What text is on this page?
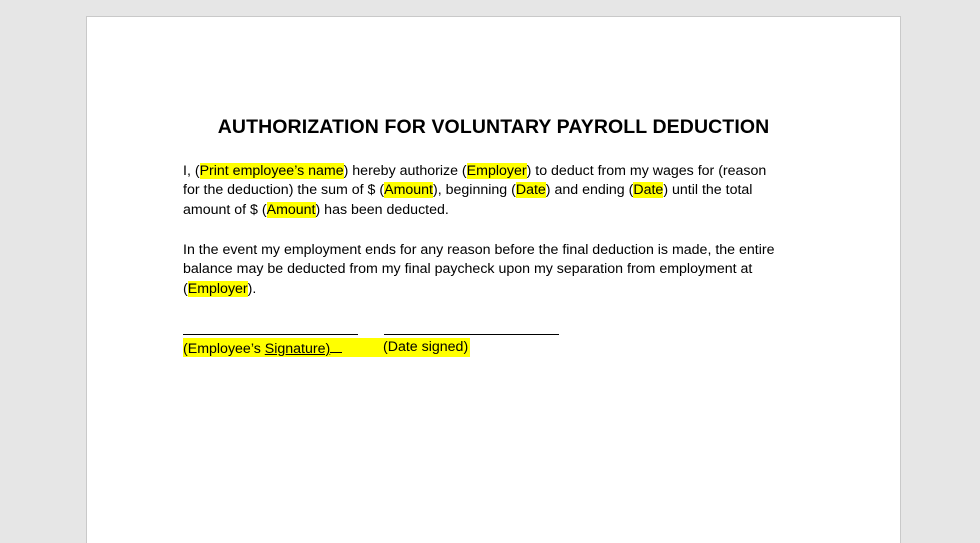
AUTHORIZATION FOR VOLUNTARY PAYROLL DEDUCTION
I, (Print employee’s name) hereby authorize (Employer) to deduct from my wages for (reason
for the deduction) the sum of $ (Amount), beginning (Date) and ending (Date) until the total
amount of $ (Amount) has been deducted.
In the event my employment ends for any reason before the final deduction is made, the entire
balance may be deducted from my final paycheck upon my separation from employment at
(Employer).
(Employee’s Signature)	(Date signed)
